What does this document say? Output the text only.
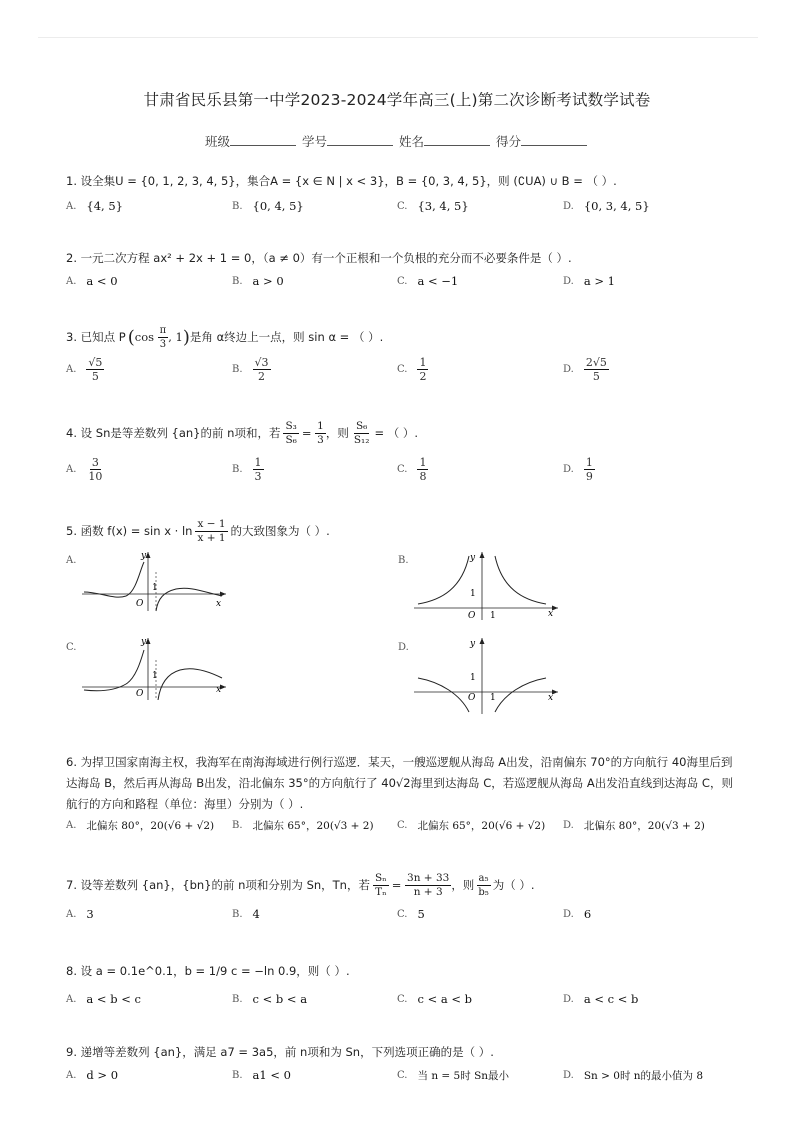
甘肃省民乐县第一中学2023-2024学年高三(上)第二次诊断考试数学试卷
班级	学号	姓名	得分
1. 设全集U = {0, 1, 2, 3, 4, 5}，集合A = {x ∈ N | x < 3}，B = {0, 3, 4, 5}，则 (∁UA) ∪ B = （ ）.
A. {4, 5}	B. {0, 4, 5}	C. {3, 4, 5}	D. {0, 3, 4, 5}
2. 一元二次方程 ax² + 2x + 1 = 0，（a ≠ 0）有一个正根和一个负根的充分而不必要条件是（ ）.
A. a < 0	B. a > 0	C. a < −1	D. a > 1
3. 已知点 P ( $\cos \frac{\pi}{3}$ , 1 ) 是角 α终边上一点，则 sin α = （ ）.
A. $\frac{√5}{5}$	B. $\frac{√3}{2}$	C. $\frac{1}{2}$	D. $\frac{2√5}{5}$
4. 设 Sn是等差数列 {an}的前 n项和，若 $\frac{\text{S₃}}{\text{S₆}} = \frac{1}{3}$ ，则 $\frac{\text{S₆}}{\text{S₁₂}}$ = （ ）.
A. $\frac{3}{10}$	B. $\frac{1}{3}$	C. $\frac{1}{8}$	D. $\frac{1}{9}$
5. 函数 $f(x) = \sin x \cdot \ln \frac{x - 1}{x + 1}$ 的大致图象为（ ）.
A.	y
x
O
1
B.	y
x
O
1
1
C.	y
x
O
1
D.	y
x
O
1
1
6. 为捍卫国家南海主权，我海军在南海海域进行例行巡逻．某天，一艘巡逻舰从海岛 A出发，沿南偏东 70°的方向航行 40海里后到达海岛 B，然后再从海岛 B出发，沿北偏东 35°的方向航行了 40√2海里到达海岛 C，若巡逻舰从海岛 A出发沿直线到达海岛 C，则航行的方向和路程（单位：海里）分别为（ ）.
A. 北偏东 80°，20(√6 + √2) B. 北偏东 65°，20(√3 + 2) C. 北偏东 65°，20(√6 + √2) D. 北偏东 80°，20(√3 + 2)
7. 设等差数列 {an}，{bn}的前 n项和分别为 Sn，Tn，若 $\frac{\text{Sₙ}}{\text{Tₙ}} = \frac{3n + 33}{n + 3}$ ，则 $\frac{\text{a₅}}{\text{b₅}}$ 为（ ）.
A. 3	B. 4	C. 5	D. 6
8. 设 a = 0.1e^0.1，b = 1/9 c = −ln 0.9，则（ ）.
A. a < b < c	B. c < b < a	C. c < a < b	D. a < c < b
9. 递增等差数列 {an}，满足 a7 = 3a5，前 n项和为 Sn，下列选项正确的是（ ）.
A. d > 0	B. a1 < 0	C. 当 n = 5时 Sn最小	D. Sn > 0时 n的最小值为 8
